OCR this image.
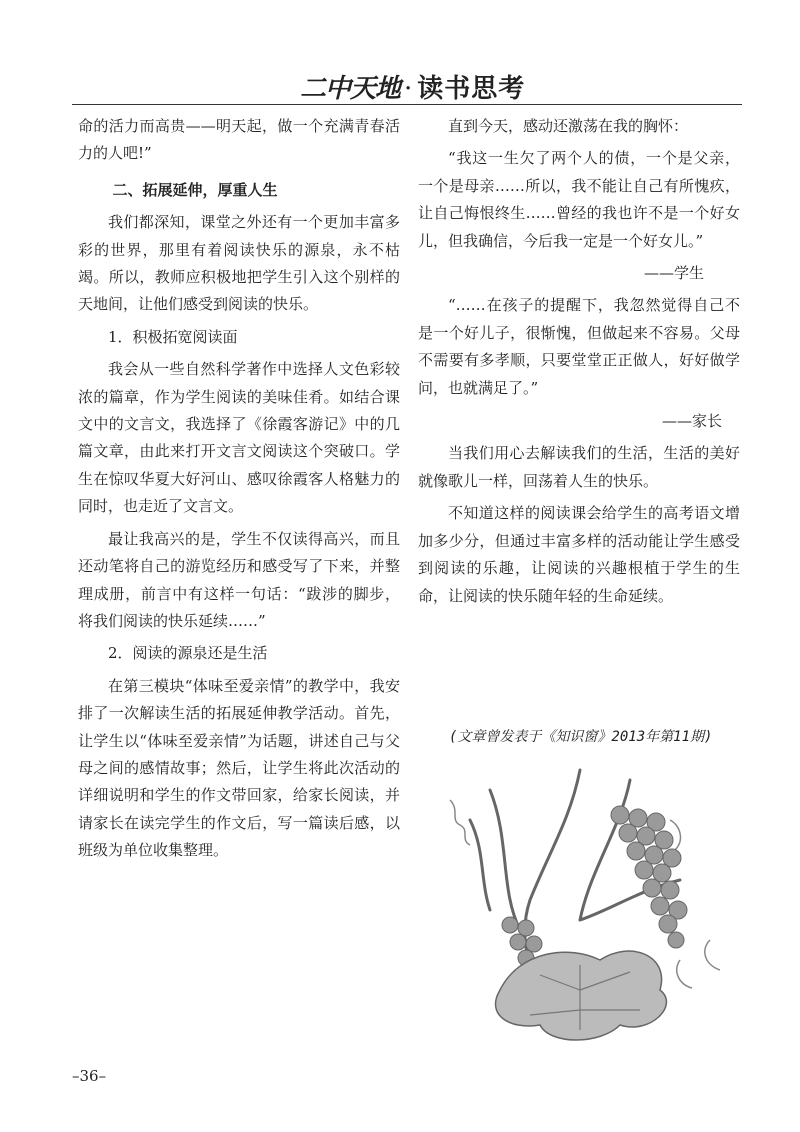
二中天地 · 读书思考

命的活力而高贵——明天起，做一个充满青春活力的人吧!”

二、拓展延伸，厚重人生

我们都深知，课堂之外还有一个更加丰富多彩的世界，那里有着阅读快乐的源泉，永不枯竭。所以，教师应积极地把学生引入这个别样的天地间，让他们感受到阅读的快乐。

1．积极拓宽阅读面

我会从一些自然科学著作中选择人文色彩较浓的篇章，作为学生阅读的美味佳肴。如结合课文中的文言文，我选择了《徐霞客游记》中的几篇文章，由此来打开文言文阅读这个突破口。学生在惊叹华夏大好河山、感叹徐霞客人格魅力的同时，也走近了文言文。

最让我高兴的是，学生不仅读得高兴，而且还动笔将自己的游览经历和感受写了下来，并整理成册，前言中有这样一句话：“跋涉的脚步，将我们阅读的快乐延续……”

2．阅读的源泉还是生活

在第三模块“体味至爱亲情”的教学中，我安排了一次解读生活的拓展延伸教学活动。首先，让学生以“体味至爱亲情”为话题，讲述自己与父母之间的感情故事；然后，让学生将此次活动的详细说明和学生的作文带回家，给家长阅读，并请家长在读完学生的作文后，写一篇读后感，以班级为单位收集整理。

直到今天，感动还激荡在我的胸怀：

“我这一生欠了两个人的债，一个是父亲，一个是母亲……所以，我不能让自己有所愧疚，让自己悔恨终生……曾经的我也许不是一个好女儿，但我确信，今后我一定是一个好女儿。”

——学生

“……在孩子的提醒下，我忽然觉得自己不是一个好儿子，很惭愧，但做起来不容易。父母不需要有多孝顺，只要堂堂正正做人，好好做学问，也就满足了。”

——家长

当我们用心去解读我们的生活，生活的美好就像歌儿一样，回荡着人生的快乐。

不知道这样的阅读课会给学生的高考语文增加多少分，但通过丰富多样的活动能让学生感受到阅读的乐趣，让阅读的兴趣根植于学生的生命，让阅读的快乐随年轻的生命延续。

(文章曾发表于《知识窗》2013年第11期)
–36–
